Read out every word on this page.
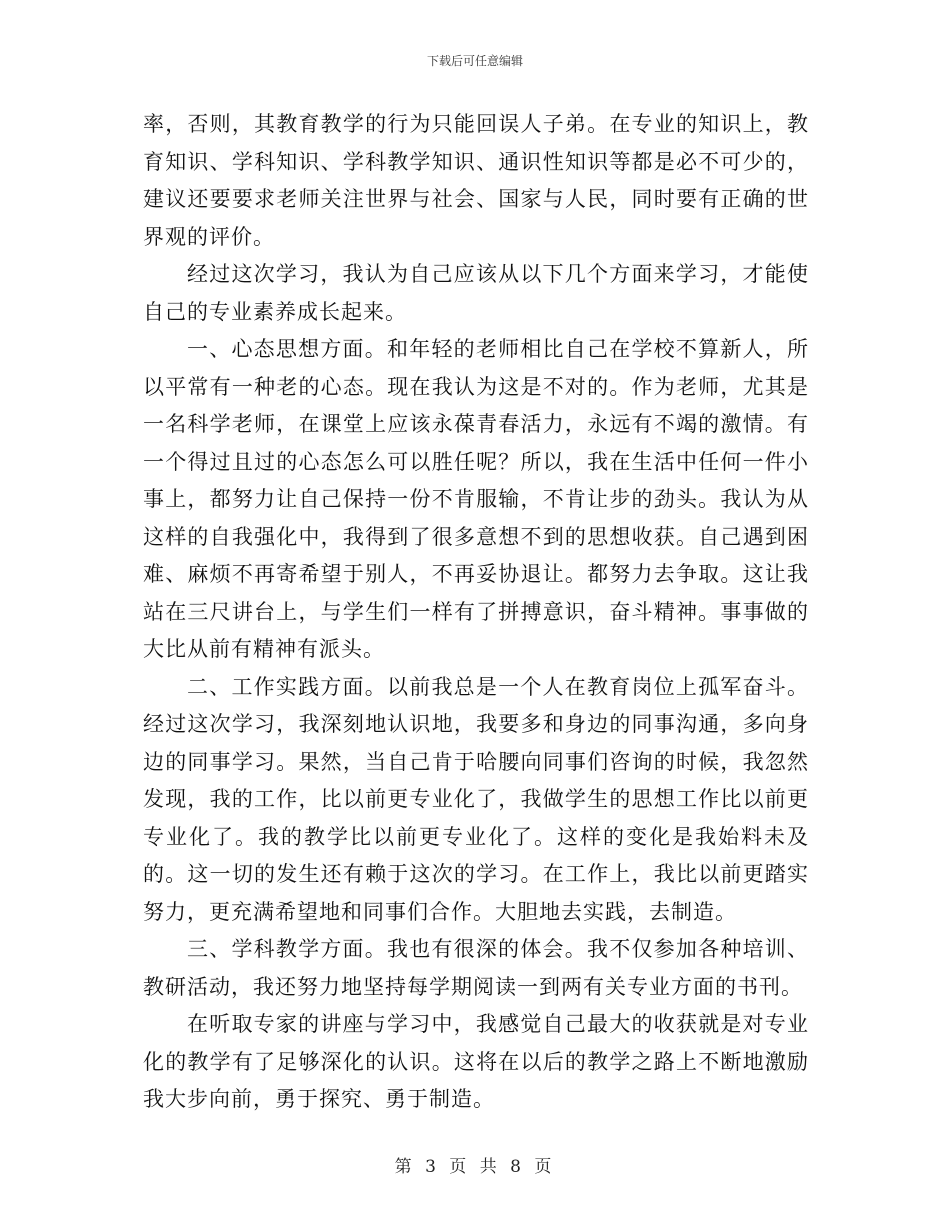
下载后可任意编辑

率，否则，其教育教学的行为只能回误人子弟。在专业的知识上，教育知识、学科知识、学科教学知识、通识性知识等都是必不可少的，建议还要要求老师关注世界与社会、国家与人民，同时要有正确的世界观的评价。

经过这次学习，我认为自己应该从以下几个方面来学习，才能使自己的专业素养成长起来。

一、心态思想方面。和年轻的老师相比自己在学校不算新人，所以平常有一种老的心态。现在我认为这是不对的。作为老师，尤其是一名科学老师，在课堂上应该永葆青春活力，永远有不竭的激情。有一个得过且过的心态怎么可以胜任呢？所以，我在生活中任何一件小事上，都努力让自己保持一份不肯服输，不肯让步的劲头。我认为从这样的自我强化中，我得到了很多意想不到的思想收获。自己遇到困难、麻烦不再寄希望于别人，不再妥协退让。都努力去争取。这让我站在三尺讲台上，与学生们一样有了拼搏意识，奋斗精神。事事做的大比从前有精神有派头。

二、工作实践方面。以前我总是一个人在教育岗位上孤军奋斗。经过这次学习，我深刻地认识地，我要多和身边的同事沟通，多向身边的同事学习。果然，当自己肯于哈腰向同事们咨询的时候，我忽然发现，我的工作，比以前更专业化了，我做学生的思想工作比以前更专业化了。我的教学比以前更专业化了。这样的变化是我始料未及的。这一切的发生还有赖于这次的学习。在工作上，我比以前更踏实努力，更充满希望地和同事们合作。大胆地去实践，去制造。

三、学科教学方面。我也有很深的体会。我不仅参加各种培训、教研活动，我还努力地坚持每学期阅读一到两有关专业方面的书刊。

在听取专家的讲座与学习中，我感觉自己最大的收获就是对专业化的教学有了足够深化的认识。这将在以后的教学之路上不断地激励我大步向前，勇于探究、勇于制造。

第 3 页 共 8 页
